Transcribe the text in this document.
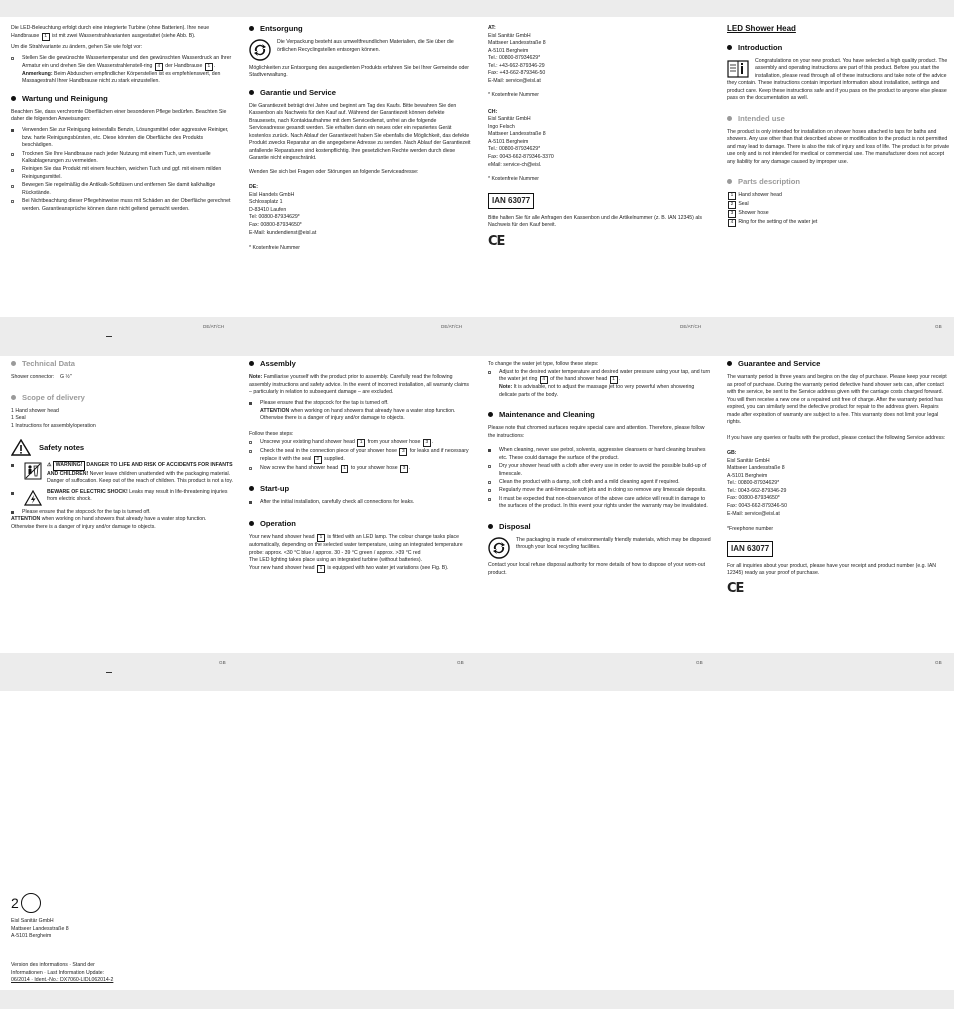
Die LED-Beleuchtung erfolgt durch eine integrierte Turbine (ohne Batterien). Ihre neue Handbrause 1 ist mit zwei Wasserstrahlvarianten ausgestattet (siehe Abb. B).

Um die Strahlvariante zu ändern, gehen Sie wie folgt vor:

Stellen Sie die gewünschte Wassertemperatur und den gewünschten Wasserdruck an Ihrer Armatur ein und drehen Sie den Wasserstrahlenstell-ring 4 der Handbrause 1 .
Anmerkung: Beim Abduschen empfindlicher Körperstellen ist es empfehlenswert, den Massagestrahl Ihrer Handbrause nicht zu stark einzustellen.
Wartung und Reinigung

Beachten Sie, dass verchromte Oberflächen einer besonderen Pflege bedürfen. Beachten Sie daher die folgenden Anweisungen:

Verwenden Sie zur Reinigung keinesfalls Benzin, Lösungsmittel oder aggressive Reiniger, bzw. harte Reinigungsbürsten, etc. Diese könnten die Oberfläche des Produkts beschädigen.
Trocknen Sie Ihre Handbrause nach jeder Nutzung mit einem Tuch, um eventuelle Kalkablagerungen zu vermeiden.
Reinigen Sie das Produkt mit einem feuchten, weichen Tuch und ggf. mit einem milden Reinigungsmittel.
Bewegen Sie regelmäßig die Antikalk-Softdüsen und entfernen Sie damit kalkhaltige Rückstände.
Bei Nichtbeachtung dieser Pflegehinweise muss mit Schäden an der Oberfläche gerechnet werden. Garantieansprüche können dann nicht geltend gemacht werden.
DE/AT/CH
Entsorgung
Die Verpackung besteht aus umweltfreundlichen Materialien, die Sie über die örtlichen Recyclingstellen entsorgen können.

Möglichkeiten zur Entsorgung des ausgedienten Produkts erfahren Sie bei Ihrer Gemeinde oder Stadtverwaltung.

Garantie und Service

Die Garantiezeit beträgt drei Jahre und beginnt am Tag des Kaufs. Bitte bewahren Sie den Kassenbon als Nachweis für den Kauf auf. Während der Garantiezeit können defekte Brausesets, nach Kontaktaufnahme mit dem Servicedienst, unfrei an die folgende Serviceadresse gesandt werden. Sie erhalten dann ein neues oder ein repariertes Gerät kostenlos zurück. Nach Ablauf der Garantiezeit haben Sie ebenfalls die Möglichkeit, das defekte Produkt zwecks Reparatur an die angegebene Adresse zu senden. Nach Ablauf der Garantiezeit anfallende Reparaturen sind kostenpflichtig. Ihre gesetzlichen Rechte werden durch diese Garantie nicht eingeschränkt.

Wenden Sie sich bei Fragen oder Störungen an folgende Serviceadresse:

DE:
Eisl Handels GmbH
Schlossplatz 1
D-83410 Laufen
Tel: 00800-87934629*
Fax: 00800-87934650*
E-Mail: kundendienst@eisl.at

* Kostenfreie Nummer

DE/AT/CH
AT:
Eisl Sanitär GmbH
Mattseer Landesstraße 8
A-5101 Bergheim
Tel.: 00800-87934629*
Tel.: +43-662-879346-29
Fax: +43-662-879346-50
E-Mail: service@eisl.at

* Kostenfreie Nummer

CH:
Eisl Sanitär GmbH
Ingo Felsch
Mattseer Landesstraße 8
A-5101 Bergheim
Tel.: 00800-87934629*
Fax: 0043-662-879346-3370
eMail: service-ch@eisl.

* Kostenfreie Nummer

IAN 63077

Bitte halten Sie für alle Anfragen den Kassenbon und die Artikelnummer (z. B. IAN 12345) als Nachweis für den Kauf bereit.

CE
DE/AT/CH
LED Shower Head
Introduction
Congratulations on your new product. You have selected a high quality product. The assembly and operating instructions are part of this product. Before you start the installation, please read through all of these instructions and take note of the advice they contain. These instructions contain important information about installation, settings and product care. Keep these instructions safe and if you pass on the product to anyone else please pass on the documentation as well.
Intended use

The product is only intended for installation on shower hoses attached to taps for baths and showers. Any use other than that described above or modification to the product is not permitted and may lead to damage. There is also the risk of injury and loss of life. The product is for private use only and is not intended for medical or commercial use. The manufacturer does not accept any liability for any damage caused by improper use.

Parts description
1 Hand shower head
2 Seal
3 Shower hose
4 Ring for the setting of the water jet
GB
Technical Data

Shower connector: G ½"

Scope of delivery
1 Hand shower head
1 Seal
1 Instructions for assembly/operation
Safety notes
⚠ WARNING! DANGER TO LIFE AND RISK OF ACCIDENTS FOR INFANTS AND CHILDREN! Never leave children unattended with the packaging material. Danger of suffocation. Keep out of the reach of children. This product is not a toy.
BEWARE OF ELECTRIC SHOCK! Leaks may result in life-threatening injuries from electric shock.
Please ensure that the stopcock for the tap is turned off.
ATTENTION when working on hand showers that already have a water stop function.
Otherwise there is a danger of injury and/or damage to objects.
GB
Assembly

Note: Familiarise yourself with the product prior to assembly. Carefully read the following assembly instructions and safety advice. In the event of incorrect installation, all warranty claims – particularly in relation to subsequent damage – are excluded.

Please ensure that the stopcock for the tap is turned off.
ATTENTION when working on hand showers that already have a water stop function.
Otherwise there is a danger of injury and/or damage to objects.

Follow these steps:

Unscrew your existing hand shower head 1 from your shower hose 3 .
Check the seal in the connection piece of your shower hose 3 for leaks and if necessary replace it with the seal 2 supplied.
Now screw the hand shower head 1 to your shower hose 3 .
Start-up
After the initial installation, carefully check all connections for leaks.
Operation

Your new hand shower head 1 is fitted with an LED lamp. The colour change tasks place automatically, depending on the selected water temperature, using an integrated temperature probe: approx. <30 °C blue / approx. 30 - 39 °C green / approx. >39 °C red

The LED lighting takes place using an integrated turbine (without batteries).

Your new hand shower head 1 is equipped with two water jet variations (see Fig. B).

GB

To change the water jet type, follow these steps:

Adjust to the desired water temperature and desired water pressure using your tap, and turn the water jet ring 4 of the hand shower head 1 .
Note: It is advisable, not to adjust the massage jet too very powerful when showering delicate parts of the body.
Maintenance and Cleaning

Please note that chromed surfaces require special care and attention. Therefore, please follow the instructions:

When cleaning, never use petrol, solvents, aggressive cleansers or hard cleaning brushes etc. These could damage the surface of the product.
Dry your shower head with a cloth after every use in order to avoid the possible build-up of limescale.
Clean the product with a damp, soft cloth and a mild cleaning agent if required.
Regularly move the anti-limescale soft jets and in doing so remove any limescale deposits.
It must be expected that non-observance of the above care advice will result in damage to the surfaces of the product. In this event your rights under the warranty may be invalidated.
Disposal
The packaging is made of environmentally friendly materials, which may be disposed through your local recycling facilities.

Contact your local refuse disposal authority for more details of how to dispose of your worn-out product.

GB
Guarantee and Service

The warranty period is three years and begins on the day of purchase. Please keep your receipt as proof of purchase. During the warranty period defective hand shower sets can, after contact with the service, be sent to the Service address given with the carriage costs charged forward. You will then receive a new one or a repaired unit free of charge. After the warranty period has expired, you can similarly send the defective product for repair to the address given. Repairs made after expiration of warranty are subject to a fee. This warranty does not limit your legal rights.

If you have any queries or faults with the product, please contact the following Service address:

GB:
Eisl Sanitär GmbH
Mattseer Landesstraße 8
A-5101 Bergheim
Tel.: 00800-87934629*
Tel.: 0043-662-879346-29
Fax: 00800-87934650*
Fax: 0043-662-879346-50
E-Mail: service@eisl.at

*Freephone number

IAN 63077

For all inquiries about your product, please have your receipt and product number (e.g. IAN 12345) ready as your proof of purchase.

CE
GB
2
Eisl Sanitär GmbH
Mattseer Landesstraße 8
A-5101 Bergheim
Version des informations · Stand der
Informationen · Last Information Update:
06/2014 · Ident.-No.: DX7060-LIDL062014-2
